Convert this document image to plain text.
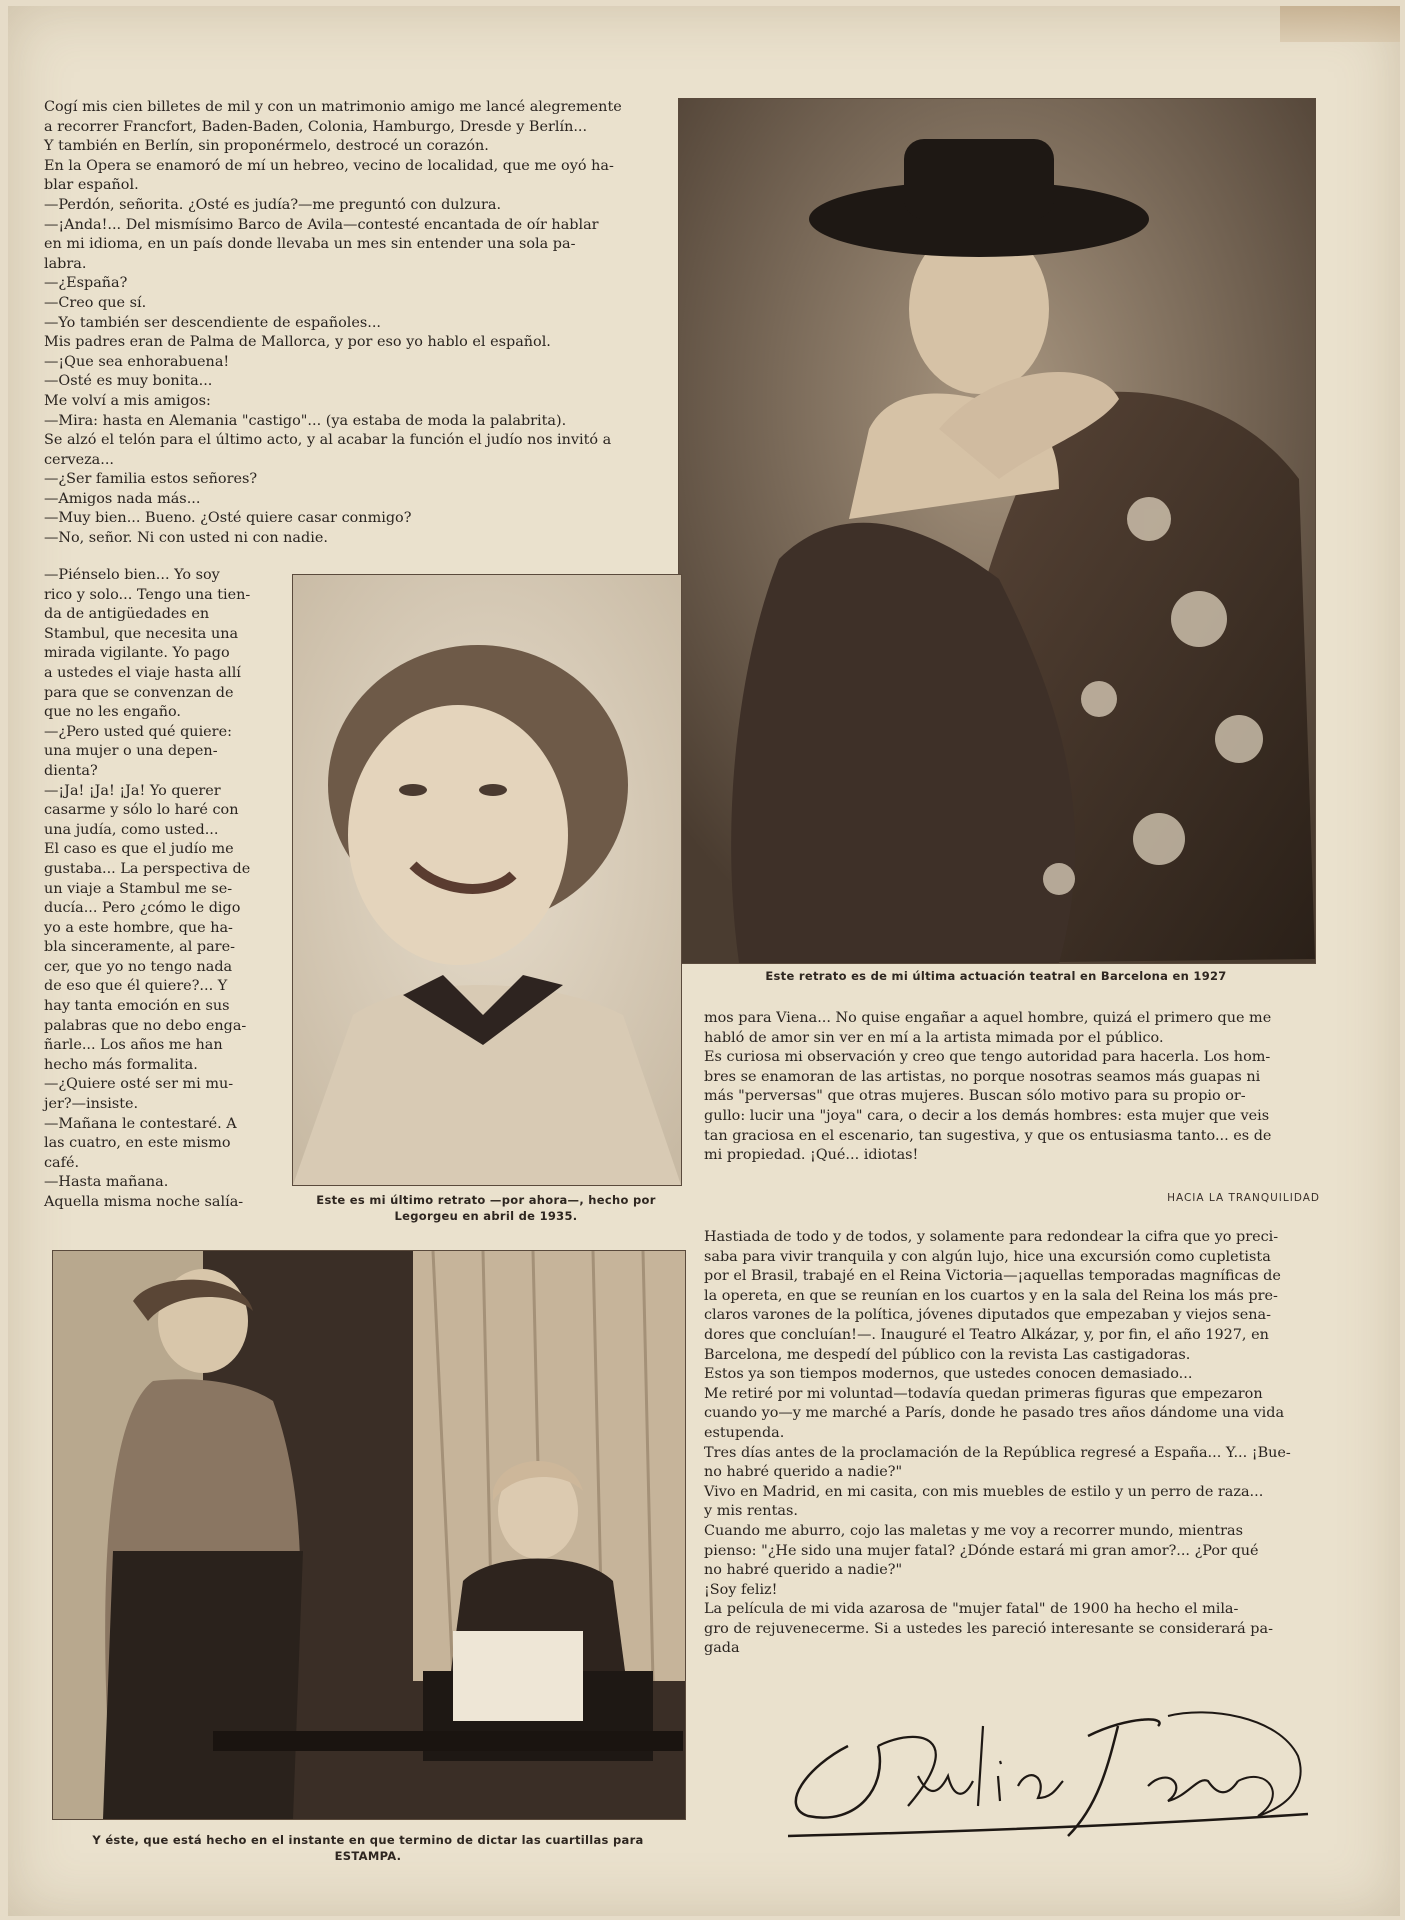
Cogí mis cien billetes de mil y con un matrimonio amigo me lancé alegremente

a recorrer Francfort, Baden-Baden, Colonia, Hamburgo, Dresde y Berlín...

Y también en Berlín, sin proponérmelo, destrocé un corazón.

En la Opera se enamoró de mí un hebreo, vecino de localidad, que me oyó ha-

blar español.

—Perdón, señorita. ¿Osté es judía?—me preguntó con dulzura.

—¡Anda!... Del mismísimo Barco de Avila—contesté encantada de oír hablar

en mi idioma, en un país donde llevaba un mes sin entender una sola pa-

labra.

—¿España?

—Creo que sí.

—Yo también ser descendiente de españoles...

Mis padres eran de Palma de Mallorca, y por eso yo hablo el español.

—¡Que sea enhorabuena!

—Osté es muy bonita...

Me volví a mis amigos:

—Mira: hasta en Alemania "castigo"... (ya estaba de moda la palabrita).

Se alzó el telón para el último acto, y al acabar la función el judío nos invitó a

cerveza...

—¿Ser familia estos señores?

—Amigos nada más...

—Muy bien... Bueno. ¿Osté quiere casar conmigo?

—No, señor. Ni con usted ni con nadie.

—Piénselo bien... Yo soy

rico y solo... Tengo una tien-

da de antigüedades en

Stambul, que necesita una

mirada vigilante. Yo pago

a ustedes el viaje hasta allí

para que se convenzan de

que no les engaño.

—¿Pero usted qué quiere:

una mujer o una depen-

dienta?

—¡Ja! ¡Ja! ¡Ja! Yo querer

casarme y sólo lo haré con

una judía, como usted...

El caso es que el judío me

gustaba... La perspectiva de

un viaje a Stambul me se-

ducía... Pero ¿cómo le digo

yo a este hombre, que ha-

bla sinceramente, al pare-

cer, que yo no tengo nada

de eso que él quiere?... Y

hay tanta emoción en sus

palabras que no debo enga-

ñarle... Los años me han

hecho más formalita.

—¿Quiere osté ser mi mu-

jer?—insiste.

—Mañana le contestaré. A

las cuatro, en este mismo

café.

—Hasta mañana.

Aquella misma noche salía-

Este retrato es de mi última actuación teatral en Barcelona en 1927
Este es mi último retrato —por ahora—, hecho por
Legorgeu en abril de 1935.

mos para Viena... No quise engañar a aquel hombre, quizá el primero que me

habló de amor sin ver en mí a la artista mimada por el público.

Es curiosa mi observación y creo que tengo autoridad para hacerla. Los hom-

bres se enamoran de las artistas, no porque nosotras seamos más guapas ni

más "perversas" que otras mujeres. Buscan sólo motivo para su propio or-

gullo: lucir una "joya" cara, o decir a los demás hombres: esta mujer que veis

tan graciosa en el escenario, tan sugestiva, y que os entusiasma tanto... es de

mi propiedad. ¡Qué... idiotas!

HACIA LA TRANQUILIDAD

Hastiada de todo y de todos, y solamente para redondear la cifra que yo preci-

saba para vivir tranquila y con algún lujo, hice una excursión como cupletista

por el Brasil, trabajé en el Reina Victoria—¡aquellas temporadas magníficas de

la opereta, en que se reunían en los cuartos y en la sala del Reina los más pre-

claros varones de la política, jóvenes diputados que empezaban y viejos sena-

dores que concluían!—. Inauguré el Teatro Alkázar, y, por fin, el año 1927, en

Barcelona, me despedí del público con la revista Las castigadoras.

Estos ya son tiempos modernos, que ustedes conocen demasiado...

Me retiré por mi voluntad—todavía quedan primeras figuras que empezaron

cuando yo—y me marché a París, donde he pasado tres años dándome una vida

estupenda.

Tres días antes de la proclamación de la República regresé a España... Y... ¡Bue-

no habré querido a nadie?"

Vivo en Madrid, en mi casita, con mis muebles de estilo y un perro de raza...

y mis rentas.

Cuando me aburro, cojo las maletas y me voy a recorrer mundo, mientras

pienso: "¿He sido una mujer fatal? ¿Dónde estará mi gran amor?... ¿Por qué

no habré querido a nadie?"

¡Soy feliz!

La película de mi vida azarosa de "mujer fatal" de 1900 ha hecho el mila-

gro de rejuvenecerme. Si a ustedes les pareció interesante se considerará pa-

gada

Y éste, que está hecho en el instante en que termino de dictar las cuartillas para
ESTAMPA.
